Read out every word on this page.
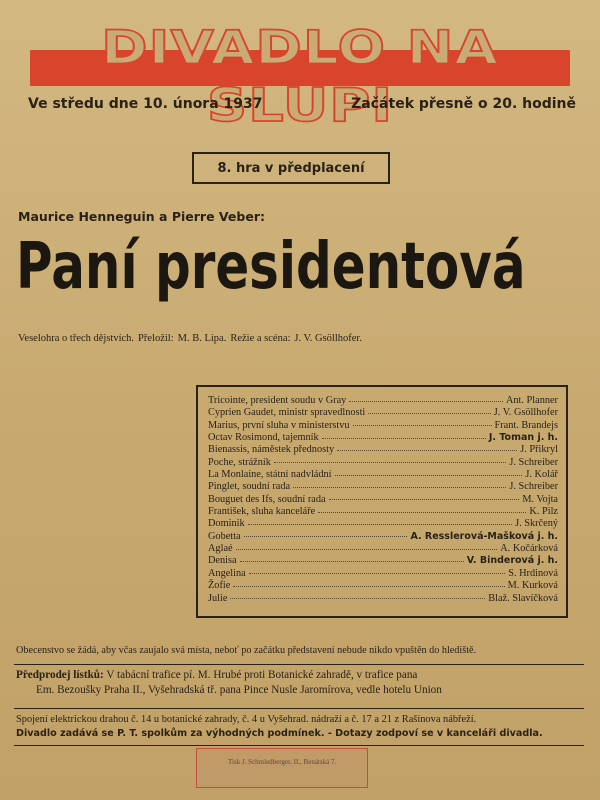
DIVADLO NA SLUPI
Ve středu dne 10. února 1937	Začátek přesně o 20. hodině
8. hra v předplacení
Maurice Henneguin a Pierre Veber:
Paní presidentová
Veselohra o třech dějstvích. Přeložil: M. B. Lipa. Režie a scéna: J. V. Gsöllhofer.
Tricointe, president soudu v Gray	Ant. Planner
Cyprien Gaudet, ministr spravedlnosti	J. V. Gsöllhofer
Marius, první sluha v ministerstvu	Frant. Brandejs
Octav Rosimond, tajemník	J. Toman j. h.
Bienassis, náměstek přednosty	J. Přikryl
Poche, strážník	J. Schreiber
La Monlaine, státní nadvládní	J. Kolář
Pinglet, soudní rada	J. Schreiber
Bouguet des Ifs, soudní rada	M. Vojta
František, sluha kanceláře	K. Pilz
Dominik	J. Skrčený
Gobetta	A. Resslerová-Mašková j. h.
Aglaé	A. Kočárková
Denisa	V. Binderová j. h.
Angelina	S. Hrdinová
Žofie	M. Kurková
Julie	Blaž. Slavíčková
Obecenstvo se žádá, aby včas zaujalo svá místa, neboť po začátku představení nebude nikdo vpuštěn do hlediště.
Předprodej lístků: V tabácní trafice pí. M. Hrubé proti Botanické zahradě, v trafice pana
Em. Bezoušky Praha II., Vyšehradská tř. pana Pince Nusle Jaromírova, vedle hotelu Union
Spojení elektrickou drahou č. 14 u botanické zahrady, č. 4 u Vyšehrad. nádraží a č. 17 a 21 z Rašínova nábřeží.
Divadlo zadává se P. T. spolkům za výhodných podmínek. - Dotazy zodpoví se v kanceláři divadla.
Tisk J. Schmiedberger, II., Benátská 7.
